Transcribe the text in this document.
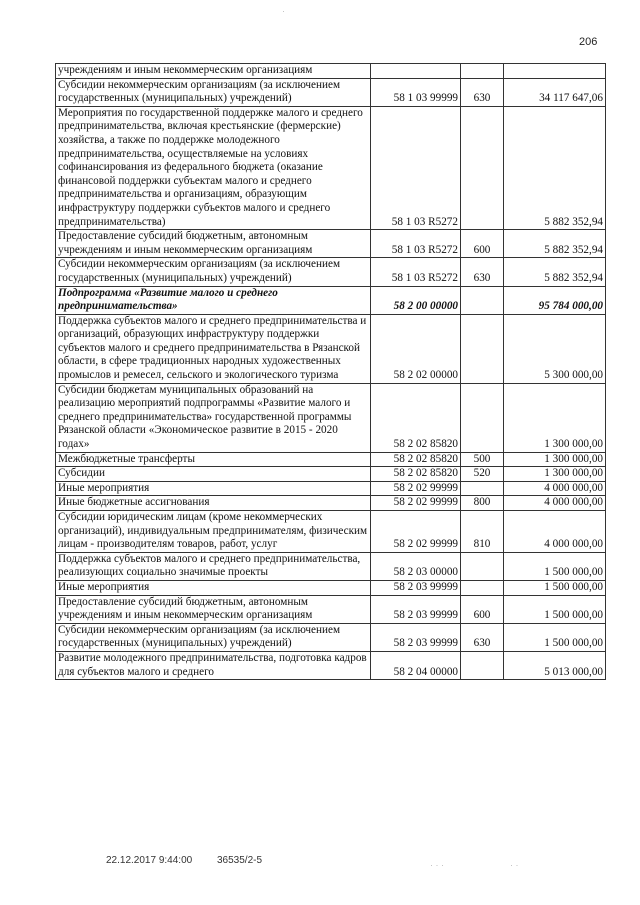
206
·
· · ·	· ·
учреждениям и иным некоммерческим организациям			
Субсидии некоммерческим организациям (за исключением государственных (муниципальных) учреждений)	58 1 03 99999	630	34 117 647,06
Мероприятия по государственной поддержке малого и среднего предпринимательства, включая крестьянские (фермерские) хозяйства, а также по поддержке молодежного предпринимательства, осуществляемые на условиях софинансирования из федерального бюджета (оказание финансовой поддержки субъектам малого и среднего предпринимательства и организациям, образующим инфраструктуру поддержки субъектов малого и среднего предпринимательства)	58 1 03 R5272		5 882 352,94
Предоставление субсидий бюджетным, автономным учреждениям и иным некоммерческим организациям	58 1 03 R5272	600	5 882 352,94
Субсидии некоммерческим организациям (за исключением государственных (муниципальных) учреждений)	58 1 03 R5272	630	5 882 352,94
Подпрограмма «Развитие малого и среднего предпринимательства»	58 2 00 00000		95 784 000,00
Поддержка субъектов малого и среднего предпринимательства и организаций, образующих инфраструктуру поддержки субъектов малого и среднего предпринимательства в Рязанской области, в сфере традиционных народных художественных промыслов и ремесел, сельского и экологического туризма	58 2 02 00000		5 300 000,00
Субсидии бюджетам муниципальных образований на реализацию мероприятий подпрограммы «Развитие малого и среднего предпринимательства» государственной программы Рязанской области «Экономическое развитие в 2015 - 2020 годах»	58 2 02 85820		1 300 000,00
Межбюджетные трансферты	58 2 02 85820	500	1 300 000,00
Субсидии	58 2 02 85820	520	1 300 000,00
Иные мероприятия	58 2 02 99999		4 000 000,00
Иные бюджетные ассигнования	58 2 02 99999	800	4 000 000,00
Субсидии юридическим лицам (кроме некоммерческих организаций), индивидуальным предпринимателям, физическим лицам - производителям товаров, работ, услуг	58 2 02 99999	810	4 000 000,00
Поддержка субъектов малого и среднего предпринимательства, реализующих социально значимые проекты	58 2 03 00000		1 500 000,00
Иные мероприятия	58 2 03 99999		1 500 000,00
Предоставление субсидий бюджетным, автономным учреждениям и иным некоммерческим организациям	58 2 03 99999	600	1 500 000,00
Субсидии некоммерческим организациям (за исключением государственных (муниципальных) учреждений)	58 2 03 99999	630	1 500 000,00
Развитие молодежного предпринимательства, подготовка кадров для субъектов малого и среднего	58 2 04 00000		5 013 000,00
22.12.2017 9:44:00 36535/2-5
